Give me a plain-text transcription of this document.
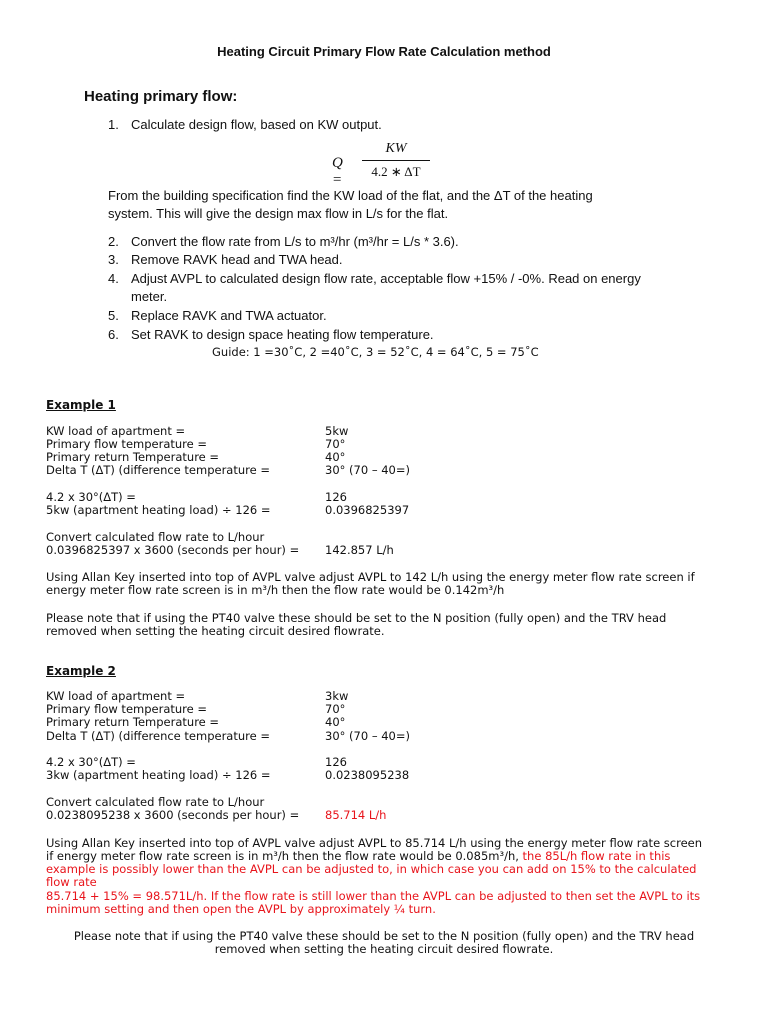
Heating Circuit Primary Flow Rate Calculation method
Heating primary flow:
1. Calculate design flow, based on KW output.
Q =
KW
4.2 ∗ ΔT
From the building specification find the KW load of the flat, and the ΔT of the heating
system. This will give the design max flow in L/s for the flat.
2. Convert the flow rate from L/s to m³/hr (m³/hr = L/s * 3.6).
3. Remove RAVK head and TWA head.
4. Adjust AVPL to calculated design flow rate, acceptable flow +15% / -0%. Read on energy
meter.
5. Replace RAVK and TWA actuator.
6. Set RAVK to design space heating flow temperature.
Guide: 1 =30˚C, 2 =40˚C, 3 = 52˚C, 4 = 64˚C, 5 = 75˚C
Example 1
KW load of apartment =	5kw
Primary flow temperature =	70°
Primary return Temperature =	40°
Delta T (ΔT) (difference temperature =	30° (70 – 40=)
4.2 x 30°(ΔT) =	126
5kw (apartment heating load) ÷ 126 =	0.0396825397
Convert calculated flow rate to L/hour
0.0396825397 x 3600 (seconds per hour) = 142.857 L/h
Using Allan Key inserted into top of AVPL valve adjust AVPL to 142 L/h using the energy meter flow rate screen if
energy meter flow rate screen is in m³/h then the flow rate would be 0.142m³/h
Please note that if using the PT40 valve these should be set to the N position (fully open) and the TRV head
removed when setting the heating circuit desired flowrate.
Example 2
KW load of apartment =	3kw
Primary flow temperature =	70°
Primary return Temperature =	40°
Delta T (ΔT) (difference temperature =	30° (70 – 40=)
4.2 x 30°(ΔT) =	126
3kw (apartment heating load) ÷ 126 =	0.0238095238
Convert calculated flow rate to L/hour
0.0238095238 x 3600 (seconds per hour) = 85.714 L/h
Using Allan Key inserted into top of AVPL valve adjust AVPL to 85.714 L/h using the energy meter flow rate screen
if energy meter flow rate screen is in m³/h then the flow rate would be 0.085m³/h, the 85L/h flow rate in this
example is possibly lower than the AVPL can be adjusted to, in which case you can add on 15% to the calculated
flow rate
85.714 + 15% = 98.571L/h. If the flow rate is still lower than the AVPL can be adjusted to then set the AVPL to its
minimum setting and then open the AVPL by approximately ¼ turn.
Please note that if using the PT40 valve these should be set to the N position (fully open) and the TRV head
removed when setting the heating circuit desired flowrate.
